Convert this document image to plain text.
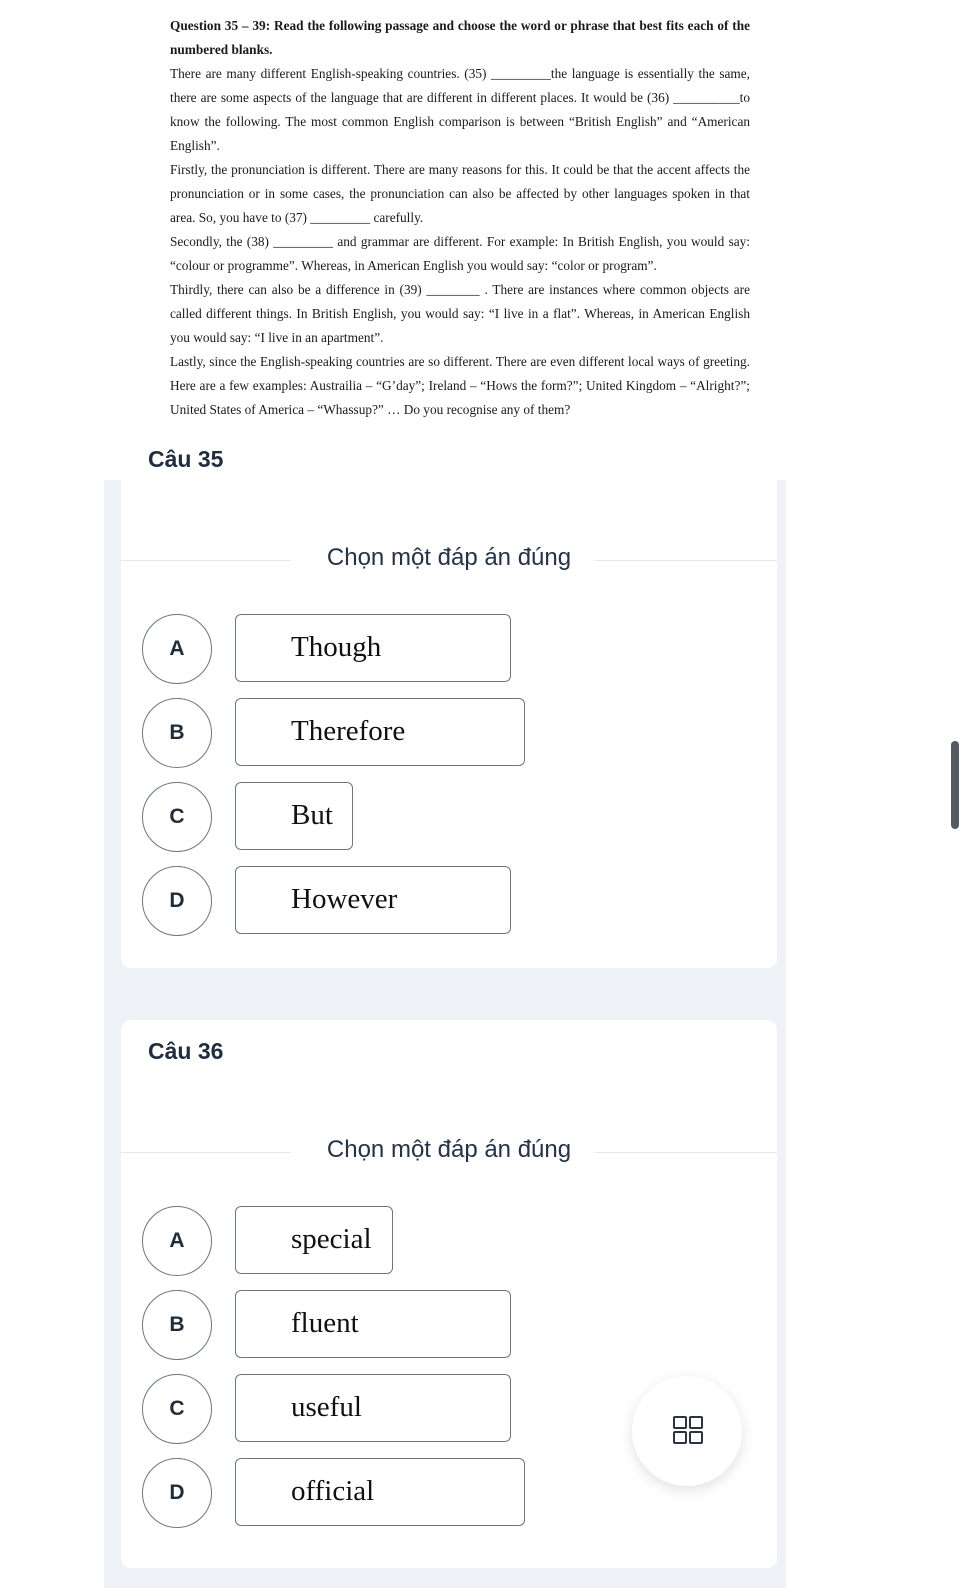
Question 35 – 39: Read the following passage and choose the word or phrase that best fits each of the numbered blanks.

There are many different English-speaking countries. (35) _________the language is essentially the same, there are some aspects of the language that are different in different places. It would be (36) __________to know the following. The most common English comparison is between “British English” and “American English”.

Firstly, the pronunciation is different. There are many reasons for this. It could be that the accent affects the pronunciation or in some cases, the pronunciation can also be affected by other languages spoken in that area. So, you have to (37) _________ carefully.

Secondly, the (38) _________ and grammar are different. For example: In British English, you would say: “colour or programme”. Whereas, in American English you would say: “color or program”.

Thirdly, there can also be a difference in (39) ________ . There are instances where common objects are called different things. In British English, you would say: “I live in a flat”. Whereas, in American English you would say: “I live in an apartment”.

Lastly, since the English-speaking countries are so different. There are even different local ways of greeting. Here are a few examples: Austrailia – “G’day”; Ireland – “Hows the form?”; United Kingdom – “Alright?”; United States of America – “Whassup?” … Do you recognise any of them?

Câu 35
Chọn một đáp án đúng
A	Though
B	Therefore
C	But
D	However
Câu 36
Chọn một đáp án đúng
A	special
B	fluent
C	useful
D	official
